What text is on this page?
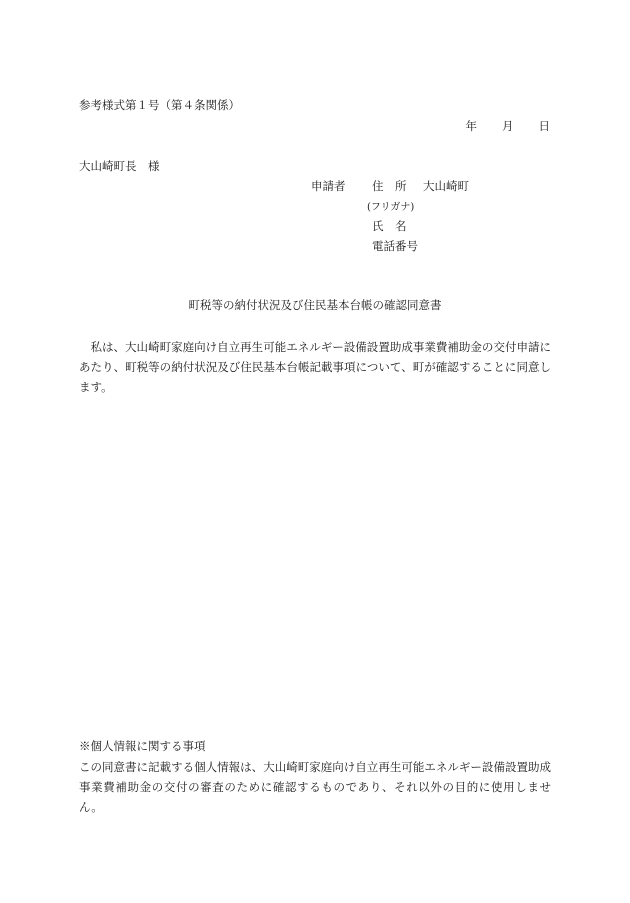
参考様式第１号（第４条関係）
年 月 日
大山崎町長　様
申請者 住　所 大山崎町
(フリガナ)
氏　名
電話番号
町税等の納付状況及び住民基本台帳の確認同意書
私は、大山崎町家庭向け自立再生可能エネルギー設備設置助成事業費補助金の交付申請にあたり、町税等の納付状況及び住民基本台帳記載事項について、町が確認することに同意します。
※個人情報に関する事項
この同意書に記載する個人情報は、大山崎町家庭向け自立再生可能エネルギー設備設置助成事業費補助金の交付の審査のために確認するものであり、それ以外の目的に使用しません。
